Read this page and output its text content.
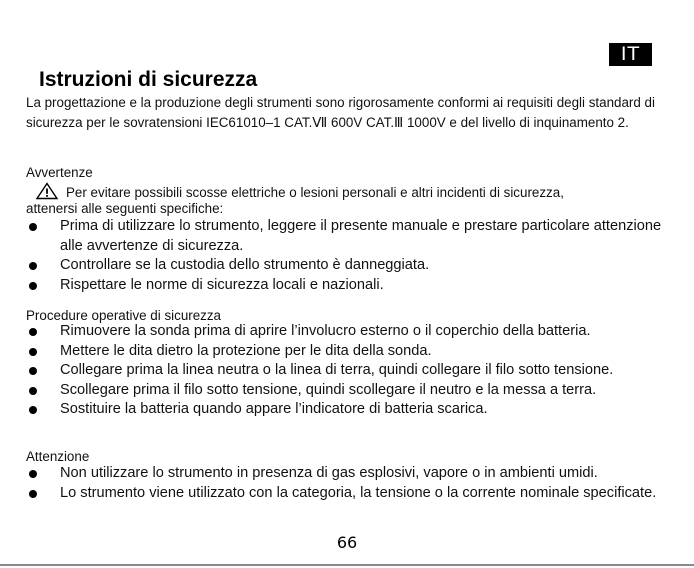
IT
Istruzioni di sicurezza

La progettazione e la produzione degli strumenti sono rigorosamente conformi ai requisiti degli standard di sicurezza per le sovratensioni IEC61010–1 CAT.Ⅶ 600V CAT.Ⅲ 1000V e del livello di inquinamento 2.

Avvertenze

Per evitare possibili scosse elettriche o lesioni personali e altri incidenti di sicurezza,

attenersi alle seguenti specifiche:

Prima di utilizzare lo strumento, leggere il presente manuale e prestare particolare attenzione alle avvertenze di sicurezza.
Controllare se la custodia dello strumento è danneggiata.
Rispettare le norme di sicurezza locali e nazionali.

Procedure operative di sicurezza

Rimuovere la sonda prima di aprire l’involucro esterno o il coperchio della batteria.
Mettere le dita dietro la protezione per le dita della sonda.
Collegare prima la linea neutra o la linea di terra, quindi collegare il filo sotto tensione.
Scollegare prima il filo sotto tensione, quindi scollegare il neutro e la messa a terra.
Sostituire la batteria quando appare l’indicatore di batteria scarica.

Attenzione

Non utilizzare lo strumento in presenza di gas esplosivi, vapore o in ambienti umidi.
Lo strumento viene utilizzato con la categoria, la tensione o la corrente nominale specificate.
66
